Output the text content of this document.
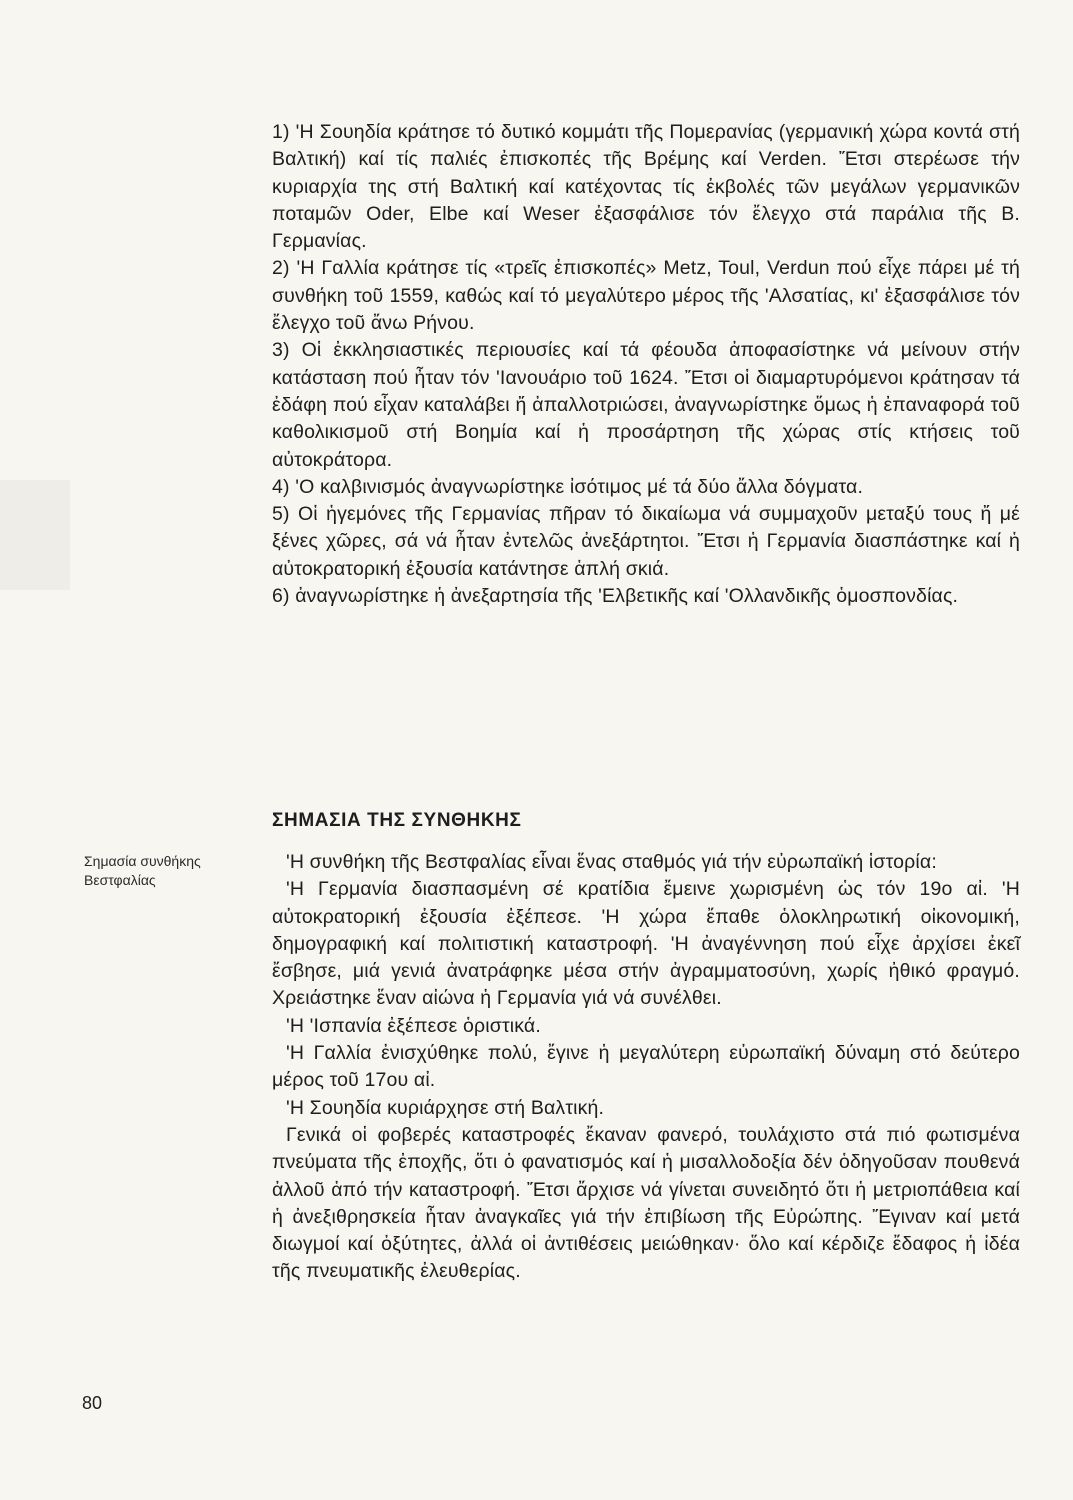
1) 'Η Σουηδία κράτησε τό δυτικό κομμάτι τῆς Πομερανίας (γερμανική χώρα κοντά στή Βαλτική) καί τίς παλιές ἐπισκοπές τῆς Βρέμης καί Verden. Ἔτσι στερέωσε τήν κυριαρχία της στή Βαλτική καί κατέχοντας τίς ἐκβολές τῶν μεγάλων γερμανικῶν ποταμῶν Oder, Elbe καί Weser ἐξασφάλισε τόν ἔλεγχο στά παράλια τῆς Β. Γερμανίας.

2) 'Η Γαλλία κράτησε τίς «τρεῖς ἐπισκοπές» Metz, Toul, Verdun πού εἶχε πάρει μέ τή συνθήκη τοῦ 1559, καθώς καί τό μεγαλύτερο μέρος τῆς 'Αλσατίας, κι' ἐξασφάλισε τόν ἔλεγχο τοῦ ἄνω Ρήνου.

3) Οἱ ἐκκλησιαστικές περιουσίες καί τά φέουδα ἀποφασίστηκε νά μείνουν στήν κατάσταση πού ἦταν τόν 'Ιανουάριο τοῦ 1624. Ἔτσι οἱ διαμαρτυρόμενοι κράτησαν τά ἐδάφη πού εἶχαν καταλάβει ἤ ἀπαλλοτριώσει, ἀναγνωρίστηκε ὅμως ἡ ἐπαναφορά τοῦ καθολικισμοῦ στή Βοημία καί ἡ προσάρτηση τῆς χώρας στίς κτήσεις τοῦ αὐτοκράτορα.

4) 'Ο καλβινισμός ἀναγνωρίστηκε ἰσότιμος μέ τά δύο ἄλλα δόγματα.

5) Οἱ ἡγεμόνες τῆς Γερμανίας πῆραν τό δικαίωμα νά συμμαχοῦν μεταξύ τους ἤ μέ ξένες χῶρες, σά νά ἦταν ἐντελῶς ἀνεξάρτητοι. Ἔτσι ἡ Γερμανία διασπάστηκε καί ἡ αὐτοκρατορική ἐξουσία κατάντησε ἁπλή σκιά.

6) ἀναγνωρίστηκε ἡ ἀνεξαρτησία τῆς 'Ελβετικῆς καί 'Ολλανδικῆς ὁμοσπονδίας.

ΣΗΜΑΣΙΑ ΤΗΣ ΣΥΝΘΗΚΗΣ
Σημασία συνθήκης Βεστφαλίας

'Η συνθήκη τῆς Βεστφαλίας εἶναι ἕνας σταθμός γιά τήν εὐρωπαϊκή ἱστορία:

'Η Γερμανία διασπασμένη σέ κρατίδια ἔμεινε χωρισμένη ὡς τόν 19ο αἰ. 'Η αὐτοκρατορική ἐξουσία ἐξέπεσε. 'Η χώρα ἔπαθε ὁλοκληρωτική οἰκονομική, δημογραφική καί πολιτιστική καταστροφή. 'Η ἀναγέννηση πού εἶχε ἀρχίσει ἐκεῖ ἔσβησε, μιά γενιά ἀνατράφηκε μέσα στήν ἀγραμματοσύνη, χωρίς ἠθικό φραγμό. Χρειάστηκε ἕναν αἰώνα ἡ Γερμανία γιά νά συνέλθει.

'Η 'Ισπανία ἐξέπεσε ὁριστικά.

'Η Γαλλία ἐνισχύθηκε πολύ, ἔγινε ἡ μεγαλύτερη εὐρωπαϊκή δύναμη στό δεύτερο μέρος τοῦ 17ου αἰ.

'Η Σουηδία κυριάρχησε στή Βαλτική.

Γενικά οἱ φοβερές καταστροφές ἔκαναν φανερό, τουλάχιστο στά πιό φωτισμένα πνεύματα τῆς ἐποχῆς, ὅτι ὁ φανατισμός καί ἡ μισαλλοδοξία δέν ὁδηγοῦσαν πουθενά ἀλλοῦ ἀπό τήν καταστροφή. Ἔτσι ἄρχισε νά γίνεται συνειδητό ὅτι ἡ μετριοπάθεια καί ἡ ἀνεξιθρησκεία ἦταν ἀναγκαῖες γιά τήν ἐπιβίωση τῆς Εὐρώπης. Ἔγιναν καί μετά διωγμοί καί ὀξύτητες, ἀλλά οἱ ἀντιθέσεις μειώθηκαν· ὅλο καί κέρδιζε ἔδαφος ἡ ἰδέα τῆς πνευματικῆς ἐλευθερίας.

80
